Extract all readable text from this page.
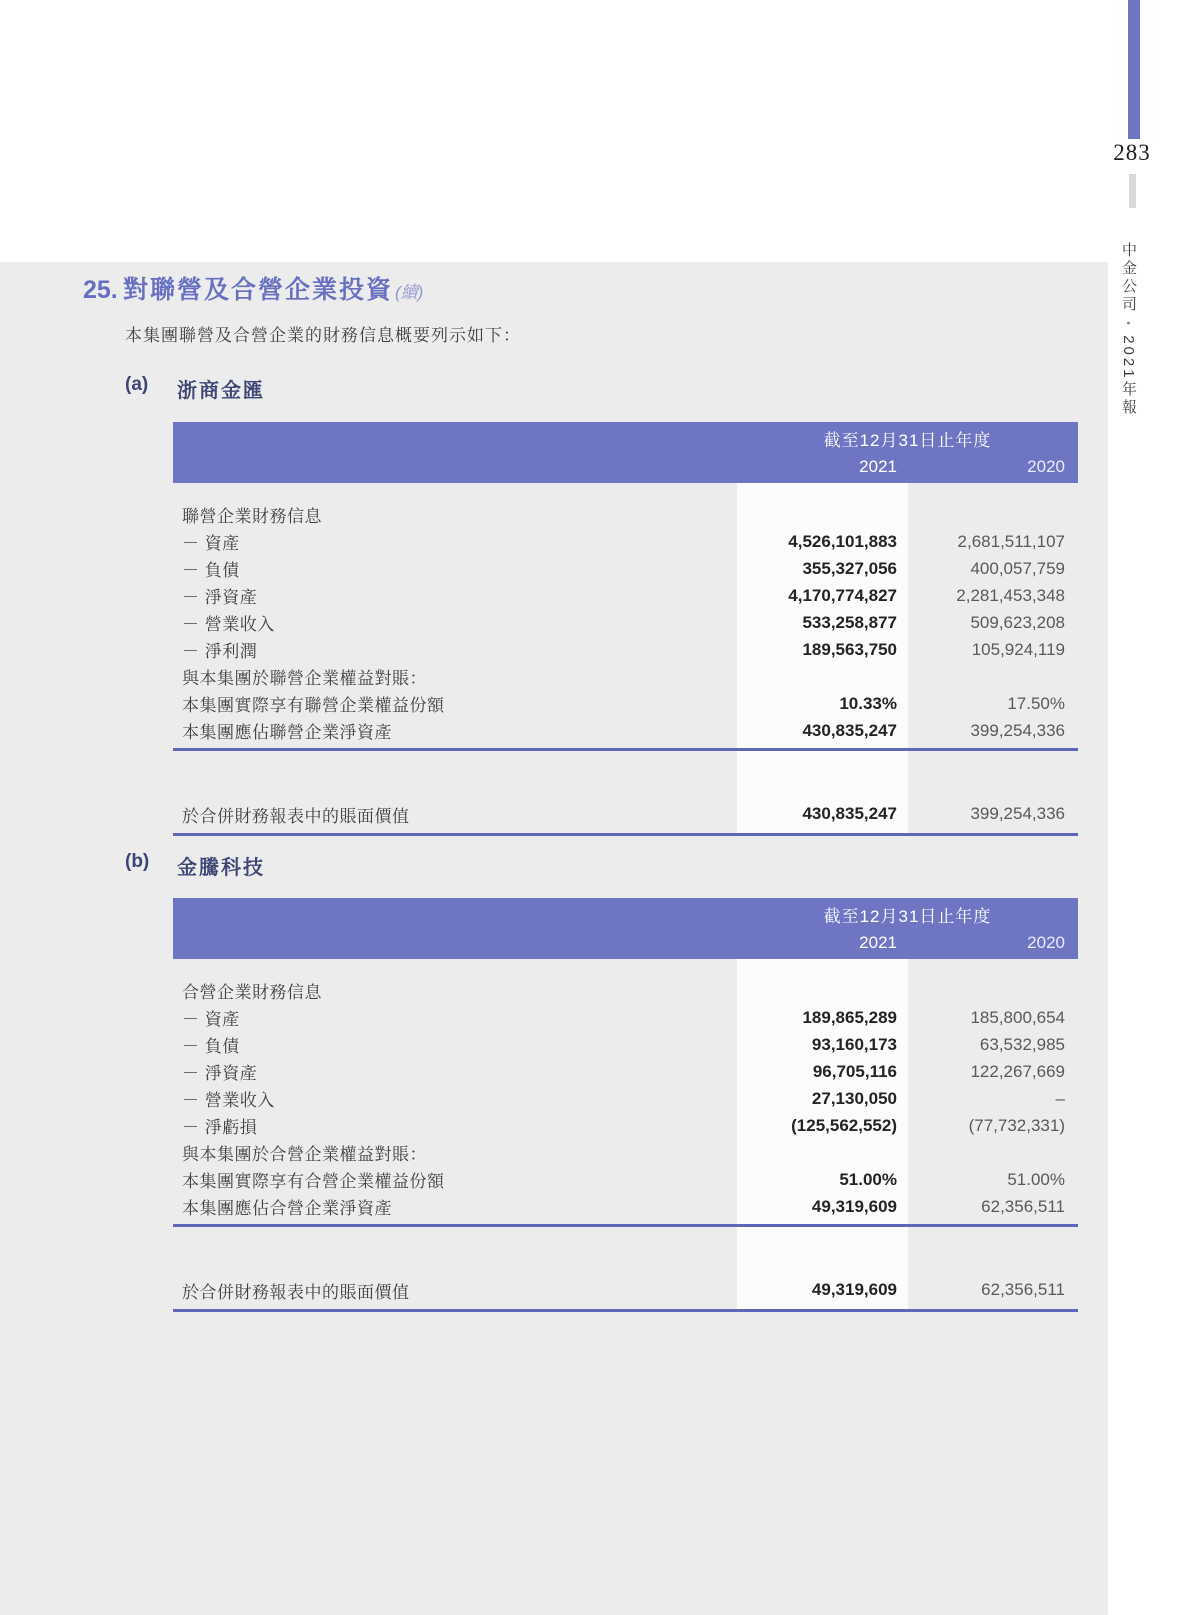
283
中金公司 • 2021年報
25. 對聯營及合營企業投資 (續)
本集團聯營及合營企業的財務信息概要列示如下：
(a)	浙商金匯
(b)	金騰科技
截至12月31日止年度
2021	2020
聯營企業財務信息
－ 資產	4,526,101,883	2,681,511,107
－ 負債	355,327,056	400,057,759
－ 淨資產	4,170,774,827	2,281,453,348
－ 營業收入	533,258,877	509,623,208
－ 淨利潤	189,563,750	105,924,119
與本集團於聯營企業權益對賬：
本集團實際享有聯營企業權益份額	10.33%	17.50%
本集團應佔聯營企業淨資產	430,835,247	399,254,336
於合併財務報表中的賬面價值	430,835,247	399,254,336
截至12月31日止年度
2021	2020
合營企業財務信息
－ 資產	189,865,289	185,800,654
－ 負債	93,160,173	63,532,985
－ 淨資產	96,705,116	122,267,669
－ 營業收入	27,130,050	–
－ 淨虧損	(125,562,552)	(77,732,331)
與本集團於合營企業權益對賬：
本集團實際享有合營企業權益份額	51.00%	51.00%
本集團應佔合營企業淨資產	49,319,609	62,356,511
於合併財務報表中的賬面價值	49,319,609	62,356,511
